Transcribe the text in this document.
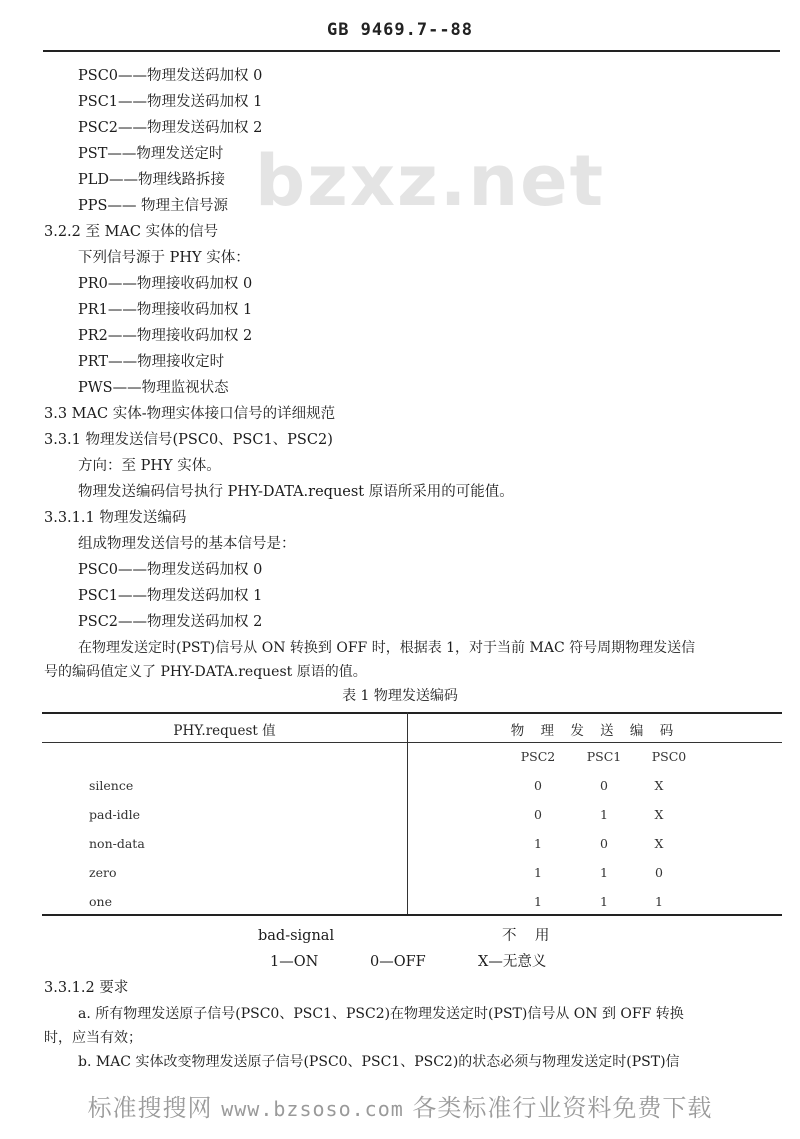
bzxz.net
GB 9469.7--88
PSC0——物理发送码加权 0
PSC1——物理发送码加权 1
PSC2——物理发送码加权 2
PST——物理发送定时
PLD——物理线路拆接
PPS—— 物理主信号源
3.2.2 至 MAC 实体的信号
下列信号源于 PHY 实体：
PR0——物理接收码加权 0
PR1——物理接收码加权 1
PR2——物理接收码加权 2
PRT——物理接收定时
PWS——物理监视状态
3.3 MAC 实体-物理实体接口信号的详细规范
3.3.1 物理发送信号(PSC0、PSC1、PSC2)
方向：至 PHY 实体。
物理发送编码信号执行 PHY-DATA.request 原语所采用的可能值。
3.3.1.1 物理发送编码
组成物理发送信号的基本信号是：
PSC0——物理发送码加权 0
PSC1——物理发送码加权 1
PSC2——物理发送码加权 2
在物理发送定时(PST)信号从 ON 转换到 OFF 时，根据表 1，对于当前 MAC 符号周期物理发送信
号的编码值定义了 PHY-DATA.request 原语的值。
表 1 物理发送编码
PHY.request 值	物 理 发 送 编 码
PSC2	PSC1	PSC0
silence	0	0	X
pad-idle	0	1	X
non-data	1	0	X
zero	1	1	0
one	1	1	1
bad-signal	不    用
1—ON	0—OFF	X—无意义
3.3.1.2 要求
a. 所有物理发送原子信号(PSC0、PSC1、PSC2)在物理发送定时(PST)信号从 ON 到 OFF 转换
时，应当有效；
b. MAC 实体改变物理发送原子信号(PSC0、PSC1、PSC2)的状态必须与物理发送定时(PST)信
标准搜搜网 www.bzsoso.com 各类标准行业资料免费下载
